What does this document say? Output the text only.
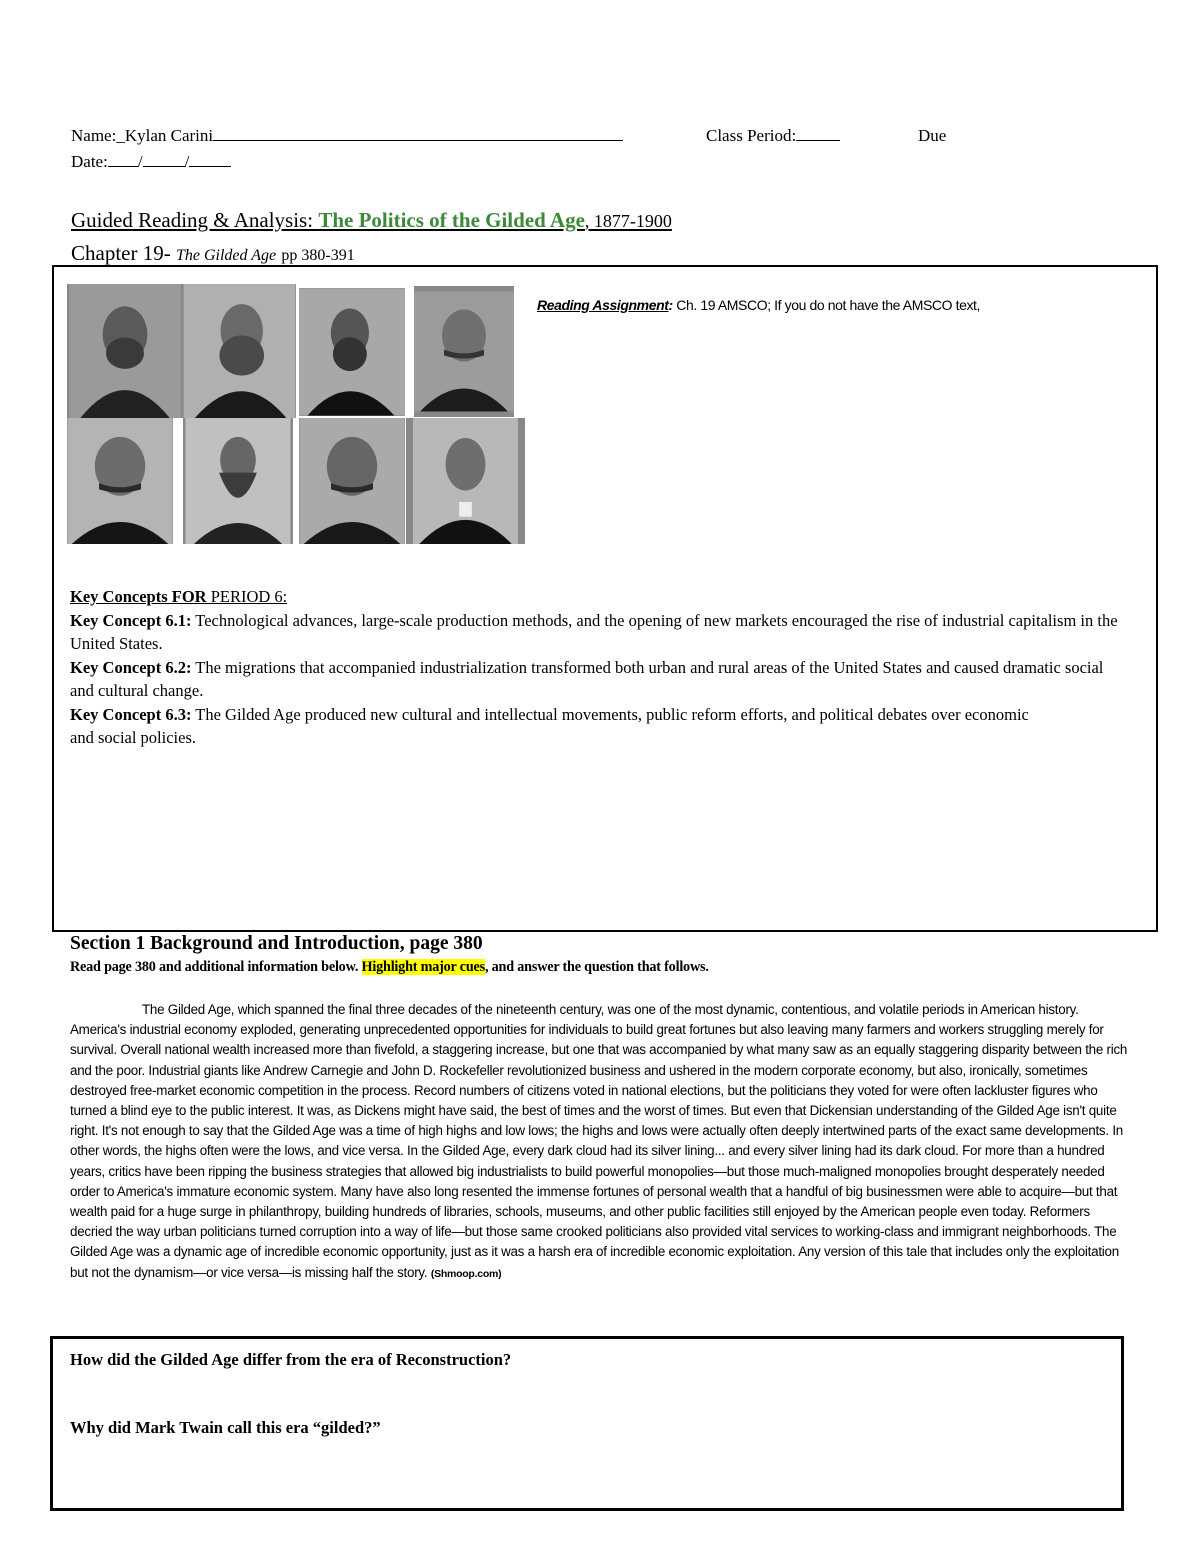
Name:_Kylan Carini	Class Period:	Due
Date: / /
Guided Reading & Analysis: The Politics of the Gilded Age, 1877-1900
Chapter 19- The Gilded Age pp 380-391
Reading Assignment: Ch. 19 AMSCO; If you do not have the AMSCO text,
Key Concepts FOR PERIOD 6:
Key Concept 6.1: Technological advances, large-scale production methods, and the opening of new markets encouraged the rise of industrial capitalism in the United States.
Key Concept 6.2: The migrations that accompanied industrialization transformed both urban and rural areas of the United States and caused dramatic social and cultural change.
Key Concept 6.3: The Gilded Age produced new cultural and intellectual movements, public reform efforts, and political debates over economic and social policies.
Section 1 Background and Introduction, page 380
Read page 380 and additional information below. Highlight major cues, and answer the question that follows.
The Gilded Age, which spanned the final three decades of the nineteenth century, was one of the most dynamic, contentious, and volatile periods in American history. America's industrial economy exploded, generating unprecedented opportunities for individuals to build great fortunes but also leaving many farmers and workers struggling merely for survival. Overall national wealth increased more than fivefold, a staggering increase, but one that was accompanied by what many saw as an equally staggering disparity between the rich and the poor. Industrial giants like Andrew Carnegie and John D. Rockefeller revolutionized business and ushered in the modern corporate economy, but also, ironically, sometimes destroyed free-market economic competition in the process. Record numbers of citizens voted in national elections, but the politicians they voted for were often lackluster figures who turned a blind eye to the public interest. It was, as Dickens might have said, the best of times and the worst of times. But even that Dickensian understanding of the Gilded Age isn't quite right. It's not enough to say that the Gilded Age was a time of high highs and low lows; the highs and lows were actually often deeply intertwined parts of the exact same developments. In other words, the highs often were the lows, and vice versa. In the Gilded Age, every dark cloud had its silver lining... and every silver lining had its dark cloud. For more than a hundred years, critics have been ripping the business strategies that allowed big industrialists to build powerful monopolies—but those much-maligned monopolies brought desperately needed order to America's immature economic system. Many have also long resented the immense fortunes of personal wealth that a handful of big businessmen were able to acquire—but that wealth paid for a huge surge in philanthropy, building hundreds of libraries, schools, museums, and other public facilities still enjoyed by the American people even today. Reformers decried the way urban politicians turned corruption into a way of life—but those same crooked politicians also provided vital services to working-class and immigrant neighborhoods. The Gilded Age was a dynamic age of incredible economic opportunity, just as it was a harsh era of incredible economic exploitation. Any version of this tale that includes only the exploitation but not the dynamism—or vice versa—is missing half the story. (Shmoop.com)
How did the Gilded Age differ from the era of Reconstruction?
Why did Mark Twain call this era “gilded?”
